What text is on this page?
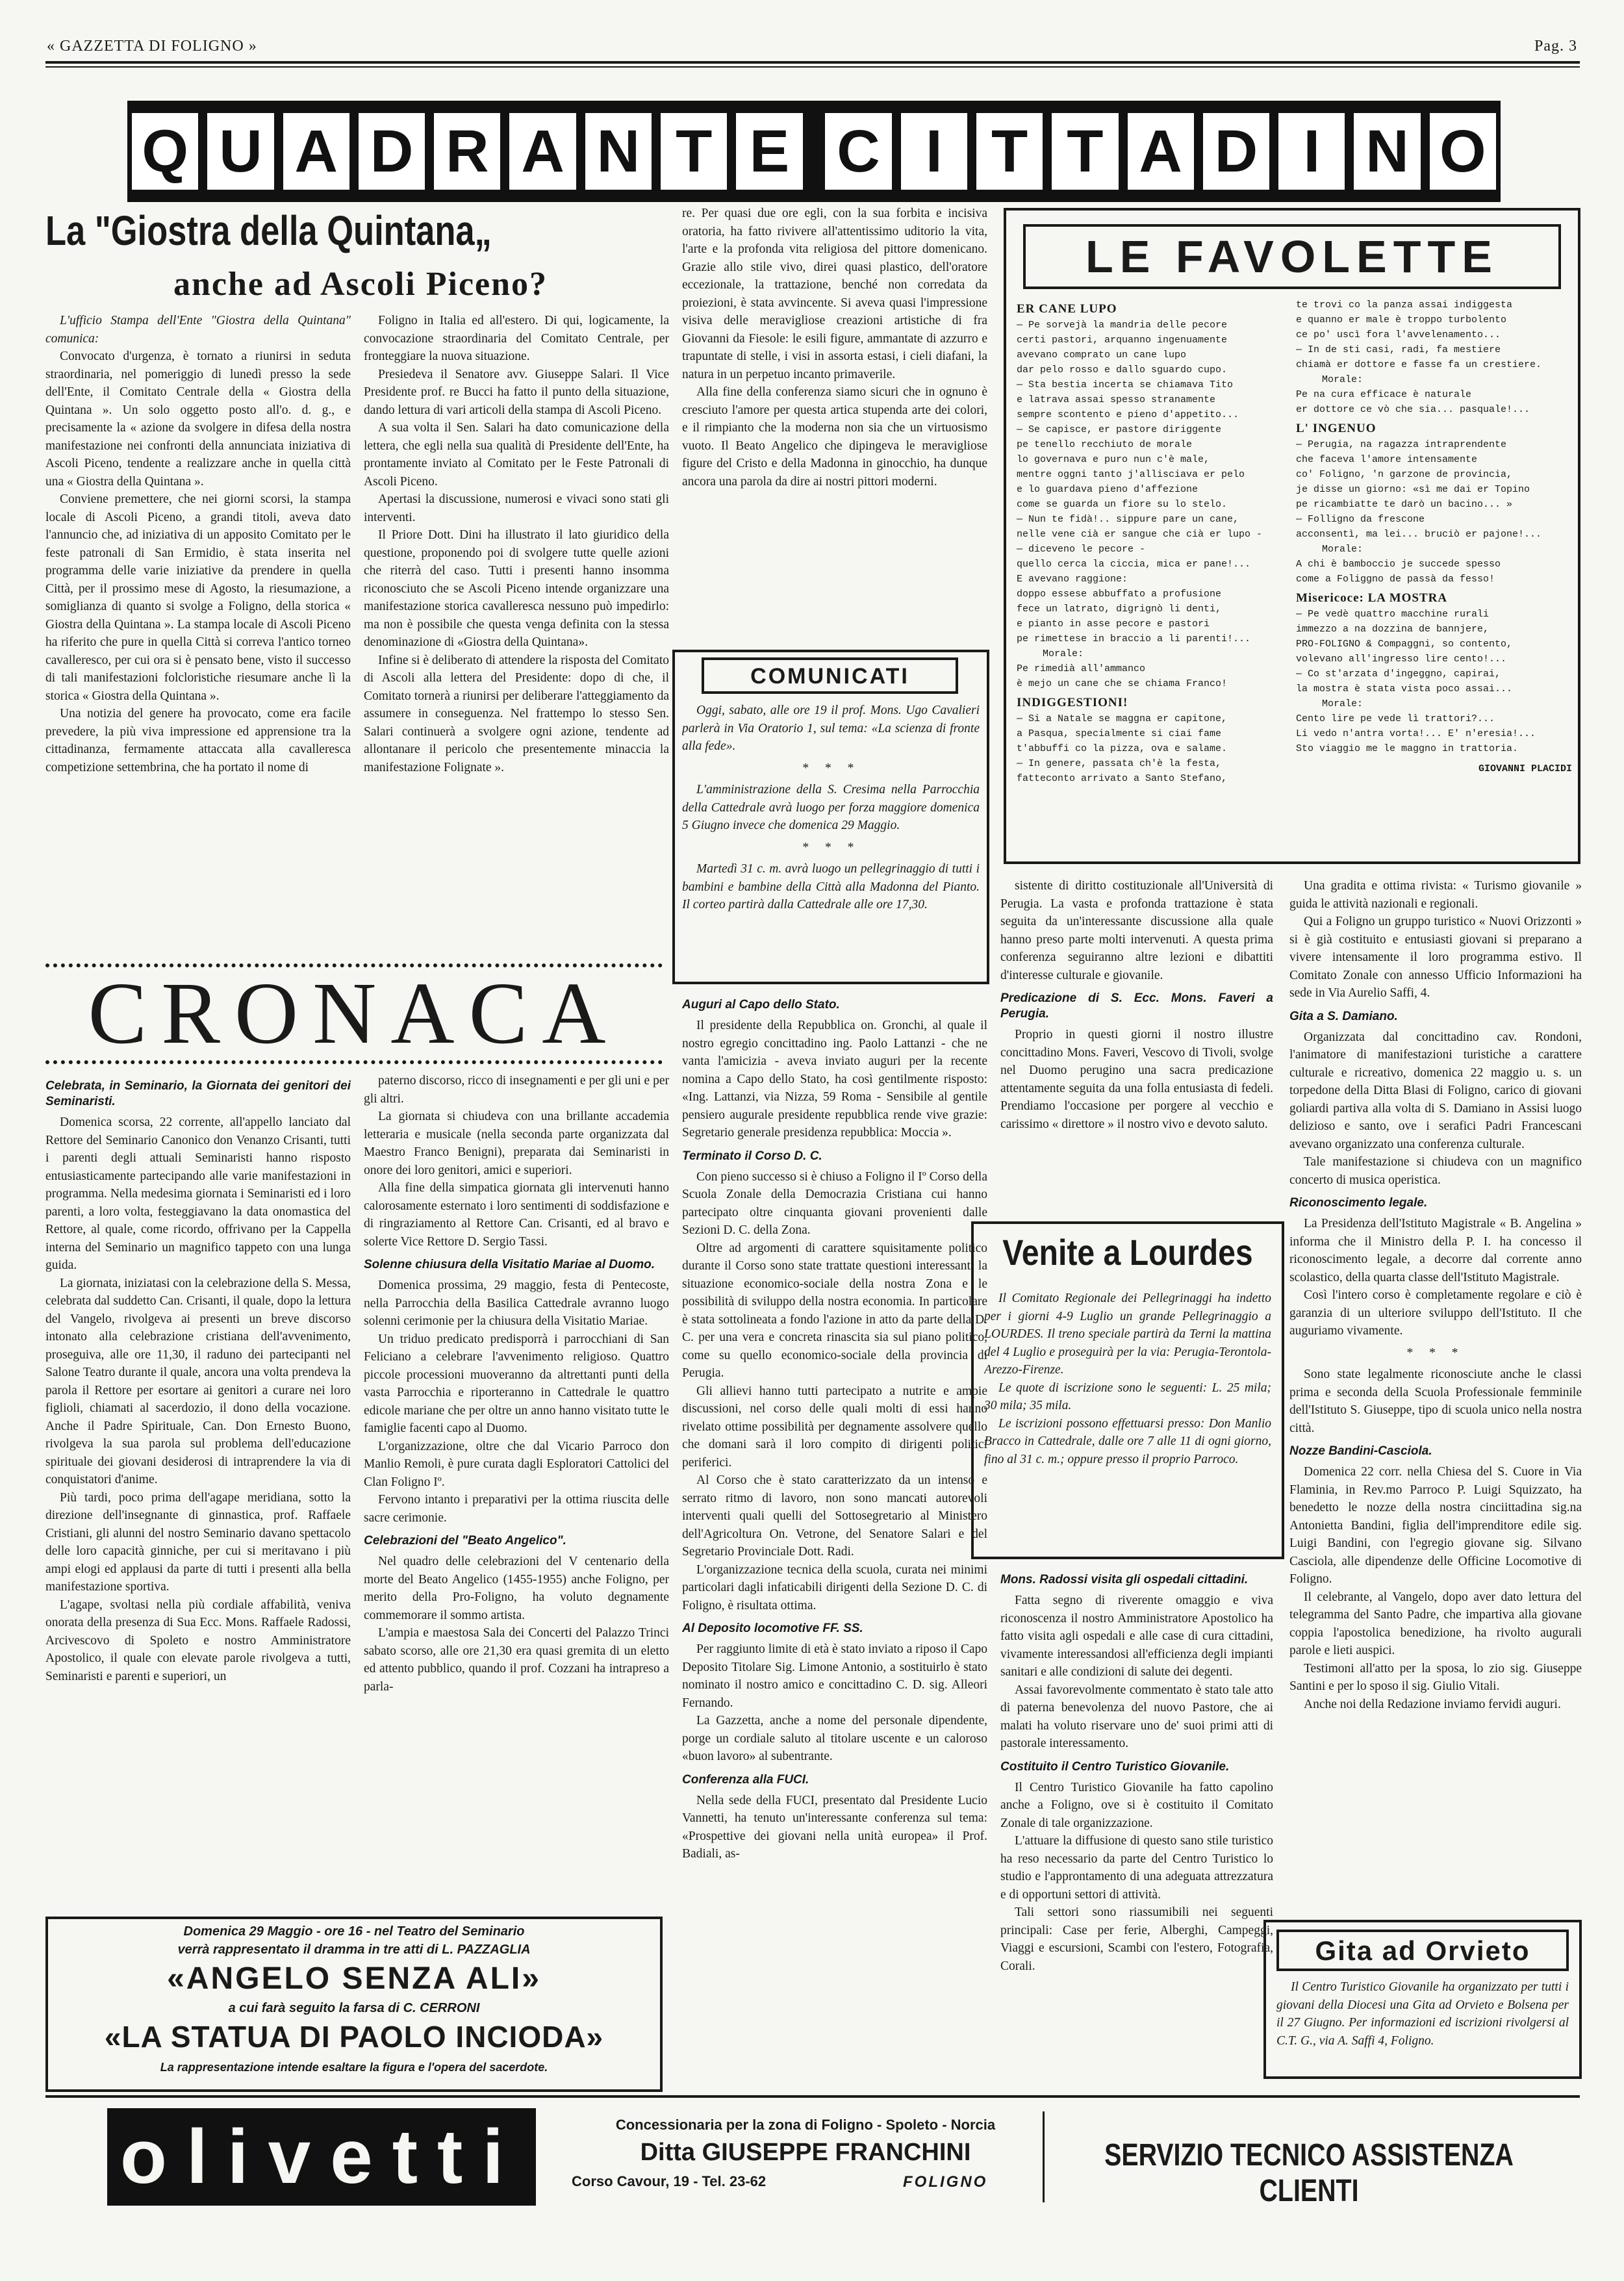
« GAZZETTA DI FOLIGNO »	Pag. 3
Q U A D R A N T E C I T T A D I N O
La "Giostra della Quintana„
anche ad Ascoli Piceno?

L'ufficio Stampa dell'Ente "Giostra della Quintana" comunica:

Convocato d'urgenza, è tornato a riunirsi in seduta straordinaria, nel pomeriggio di lunedì presso la sede dell'Ente, il Comitato Centrale della « Giostra della Quintana ». Un solo oggetto posto all'o. d. g., e precisamente la « azione da svolgere in difesa della nostra manifestazione nei confronti della annunciata iniziativa di Ascoli Piceno, tendente a realizzare anche in quella città una « Giostra della Quintana ».

Conviene premettere, che nei giorni scorsi, la stampa locale di Ascoli Piceno, a grandi titoli, aveva dato l'annuncio che, ad iniziativa di un apposito Comitato per le feste patronali di San Ermidio, è stata inserita nel programma delle varie iniziative da prendere in quella Città, per il prossimo mese di Agosto, la riesumazione, a somiglianza di quanto si svolge a Foligno, della storica « Giostra della Quintana ». La stampa locale di Ascoli Piceno ha riferito che pure in quella Città si correva l'antico torneo cavalleresco, per cui ora si è pensato bene, visto il successo di tali manifestazioni folcloristiche riesumare anche lì la storica « Giostra della Quintana ».

Una notizia del genere ha provocato, come era facile prevedere, la più viva impressione ed apprensione tra la cittadinanza, fermamente attaccata alla cavalleresca competizione settembrina, che ha portato il nome di

Foligno in Italia ed all'estero. Di qui, logicamente, la convocazione straordinaria del Comitato Centrale, per fronteggiare la nuova situazione.

Presiedeva il Senatore avv. Giuseppe Salari. Il Vice Presidente prof. re Bucci ha fatto il punto della situazione, dando lettura di vari articoli della stampa di Ascoli Piceno.

A sua volta il Sen. Salari ha dato comunicazione della lettera, che egli nella sua qualità di Presidente dell'Ente, ha prontamente inviato al Comitato per le Feste Patronali di Ascoli Piceno.

Apertasi la discussione, numerosi e vivaci sono stati gli interventi.

Il Priore Dott. Dini ha illustrato il lato giuridico della questione, proponendo poi di svolgere tutte quelle azioni che riterrà del caso. Tutti i presenti hanno insomma riconosciuto che se Ascoli Piceno intende organizzare una manifestazione storica cavalleresca nessuno può impedirlo: ma non è possibile che questa venga definita con la stessa denominazione di «Giostra della Quintana».

Infine si è deliberato di attendere la risposta del Comitato di Ascoli alla lettera del Presidente: dopo di che, il Comitato tornerà a riunirsi per deliberare l'atteggiamento da assumere in conseguenza. Nel frattempo lo stesso Sen. Salari continuerà a svolgere ogni azione, tendente ad allontanare il pericolo che presentemente minaccia la manifestazione Folignate ».

re. Per quasi due ore egli, con la sua forbita e incisiva oratoria, ha fatto rivivere all'attentissimo uditorio la vita, l'arte e la profonda vita religiosa del pittore domenicano. Grazie allo stile vivo, direi quasi plastico, dell'oratore eccezionale, la trattazione, benché non corredata da proiezioni, è stata avvincente. Si aveva quasi l'impressione visiva delle meravigliose creazioni artistiche di fra Giovanni da Fiesole: le esili figure, ammantate di azzurro e trapuntate di stelle, i visi in assorta estasi, i cieli diafani, la natura in un perpetuo incanto primaverile.

Alla fine della conferenza siamo sicuri che in ognuno è cresciuto l'amore per questa artica stupenda arte dei colori, e il rimpianto che la moderna non sia che un virtuosismo vuoto. Il Beato Angelico che dipingeva le meravigliose figure del Cristo e della Madonna in ginocchio, ha dunque ancora una parola da dire ai nostri pittori moderni.

LE FAVOLETTE
ER CANE LUPO
— Pe sorvejà la mandria delle pecore
certi pastori, arquanno ingenuamente
avevano comprato un cane lupo
dar pelo rosso e dallo sguardo cupo.
— Sta bestia incerta se chiamava Tito
e latrava assai spesso stranamente
sempre scontento e pieno d'appetito...
— Se capisce, er pastore diriggente
pe tenello recchiuto de morale
lo governava e puro nun c'è male,
mentre oggni tanto j'allisciava er pelo
e lo guardava pieno d'affezione
come se guarda un fiore su lo stelo.
— Nun te fidà!.. sippure pare un cane,
nelle vene cià er sangue che cià er lupo -
— diceveno le pecore -
quello cerca la ciccia, mica er pane!...
E avevano raggione:
doppo essese abbuffato a profusione
fece un latrato, digrignò li denti,
e pianto in asse pecore e pastori
pe rimettese in braccio a li parenti!...
Morale:
Pe rimedià all'ammanco
è mejo un cane che se chiama Franco!
INDIGGESTIONI!
— Si a Natale se maggna er capitone,
a Pasqua, specialmente si ciai fame
t'abbuffi co la pizza, ova e salame.
— In genere, passata ch'è la festa,
fatteconto arrivato a Santo Stefano,
te trovi co la panza assai indiggesta
e quanno er male è troppo turbolento
ce po' uscì fora l'avvelenamento...
— In de sti casi, radi, fa mestiere
chiamà er dottore e fasse fa un crestiere.
Morale:
Pe na cura efficace è naturale
er dottore ce vò che sia... pasquale!...
L' INGENUO
— Perugia, na ragazza intraprendente
che faceva l'amore intensamente
co' Foligno, 'n garzone de provincia,
je disse un giorno: «sì me dai er Topino
pe ricambiatte te darò un bacino... »
— Folligno da frescone
acconsentì, ma lei... bruciò er pajone!...
Morale:
A chi è bamboccio je succede spesso
come a Foliggno de passà da fesso!
Misericoce: LA MOSTRA
— Pe vedè quattro macchine rurali
immezzo a na dozzina de bannjere,
PRO-FOLIGNO & Compaggni, so contento,
volevano all'ingresso lire cento!...
— Co st'arzata d'ingeggno, capirai,
la mostra è stata vista poco assai...
Morale:
Cento lire pe vede lì trattori?...
Li vedo n'antra vorta!... E' n'eresia!...
Sto viaggio me le maggno in trattoria.
GIOVANNI PLACIDI
COMUNICATI

Oggi, sabato, alle ore 19 il prof. Mons. Ugo Cavalieri parlerà in Via Oratorio 1, sul tema: «La scienza di fronte alla fede».

* * *

L'amministrazione della S. Cresima nella Parrocchia della Cattedrale avrà luogo per forza maggiore domenica 5 Giugno invece che domenica 29 Maggio.

* * *

Martedì 31 c. m. avrà luogo un pellegrinaggio di tutti i bambini e bambine della Città alla Madonna del Pianto. Il corteo partirà dalla Cattedrale alle ore 17,30.

CRONACA

Celebrata, in Seminario, la Giornata dei genitori dei Seminaristi.

Domenica scorsa, 22 corrente, all'appello lanciato dal Rettore del Seminario Canonico don Venanzo Crisanti, tutti i parenti degli attuali Seminaristi hanno risposto entusiasticamente partecipando alle varie manifestazioni in programma. Nella medesima giornata i Seminaristi ed i loro parenti, a loro volta, festeggiavano la data onomastica del Rettore, al quale, come ricordo, offrivano per la Cappella interna del Seminario un magnifico tappeto con una lunga guida.

La giornata, iniziatasi con la celebrazione della S. Messa, celebrata dal suddetto Can. Crisanti, il quale, dopo la lettura del Vangelo, rivolgeva ai presenti un breve discorso intonato alla celebrazione cristiana dell'avvenimento, proseguiva, alle ore 11,30, il raduno dei partecipanti nel Salone Teatro durante il quale, ancora una volta prendeva la parola il Rettore per esortare ai genitori a curare nei loro figlioli, chiamati al sacerdozio, il dono della vocazione. Anche il Padre Spirituale, Can. Don Ernesto Buono, rivolgeva la sua parola sul problema dell'educazione spirituale dei giovani desiderosi di intraprendere la via di conquistatori d'anime.

Più tardi, poco prima dell'agape meridiana, sotto la direzione dell'insegnante di ginnastica, prof. Raffaele Cristiani, gli alunni del nostro Seminario davano spettacolo delle loro capacità ginniche, per cui si meritavano i più ampi elogi ed applausi da parte di tutti i presenti alla bella manifestazione sportiva.

L'agape, svoltasi nella più cordiale affabilità, veniva onorata della presenza di Sua Ecc. Mons. Raffaele Radossi, Arcivescovo di Spoleto e nostro Amministratore Apostolico, il quale con elevate parole rivolgeva a tutti, Seminaristi e parenti e superiori, un

paterno discorso, ricco di insegnamenti e per gli uni e per gli altri.

La giornata si chiudeva con una brillante accademia letteraria e musicale (nella seconda parte organizzata dal Maestro Franco Benigni), preparata dai Seminaristi in onore dei loro genitori, amici e superiori.

Alla fine della simpatica giornata gli intervenuti hanno calorosamente esternato i loro sentimenti di soddisfazione e di ringraziamento al Rettore Can. Crisanti, ed al bravo e solerte Vice Rettore D. Sergio Tassi.

Solenne chiusura della Visitatio Mariae al Duomo.

Domenica prossima, 29 maggio, festa di Pentecoste, nella Parrocchia della Basilica Cattedrale avranno luogo solenni cerimonie per la chiusura della Visitatio Mariae.

Un triduo predicato predisporrà i parrocchiani di San Feliciano a celebrare l'avvenimento religioso. Quattro piccole processioni muoveranno da altrettanti punti della vasta Parrocchia e riporteranno in Cattedrale le quattro edicole mariane che per oltre un anno hanno visitato tutte le famiglie facenti capo al Duomo.

L'organizzazione, oltre che dal Vicario Parroco don Manlio Remoli, è pure curata dagli Esploratori Cattolici del Clan Foligno Iº.

Fervono intanto i preparativi per la ottima riuscita delle sacre cerimonie.

Celebrazioni del "Beato Angelico".

Nel quadro delle celebrazioni del V centenario della morte del Beato Angelico (1455-1955) anche Foligno, per merito della Pro-Foligno, ha voluto degnamente commemorare il sommo artista.

L'ampia e maestosa Sala dei Concerti del Palazzo Trinci sabato scorso, alle ore 21,30 era quasi gremita di un eletto ed attento pubblico, quando il prof. Cozzani ha intrapreso a parla-

Auguri al Capo dello Stato.

Il presidente della Repubblica on. Gronchi, al quale il nostro egregio concittadino ing. Paolo Lattanzi - che ne vanta l'amicizia - aveva inviato auguri per la recente nomina a Capo dello Stato, ha così gentilmente risposto: «Ing. Lattanzi, via Nizza, 59 Roma - Sensibile al gentile pensiero augurale presidente repubblica rende vive grazie: Segretario generale presidenza repubblica: Moccia ».

Terminato il Corso D. C.

Con pieno successo si è chiuso a Foligno il Iº Corso della Scuola Zonale della Democrazia Cristiana cui hanno partecipato oltre cinquanta giovani provenienti dalle Sezioni D. C. della Zona.

Oltre ad argomenti di carattere squisitamente politico durante il Corso sono state trattate questioni interessanti la situazione economico-sociale della nostra Zona e le possibilità di sviluppo della nostra economia. In particolare è stata sottolineata a fondo l'azione in atto da parte della D. C. per una vera e concreta rinascita sia sul piano politico, come su quello economico-sociale della provincia di Perugia.

Gli allievi hanno tutti partecipato a nutrite e ampie discussioni, nel corso delle quali molti di essi hanno rivelato ottime possibilità per degnamente assolvere quello che domani sarà il loro compito di dirigenti politici periferici.

Al Corso che è stato caratterizzato da un intenso e serrato ritmo di lavoro, non sono mancati autorevoli interventi quali quelli del Sottosegretario al Ministero dell'Agricoltura On. Vetrone, del Senatore Salari e del Segretario Provinciale Dott. Radi.

L'organizzazione tecnica della scuola, curata nei minimi particolari dagli infaticabili dirigenti della Sezione D. C. di Foligno, è risultata ottima.

Al Deposito locomotive FF. SS.

Per raggiunto limite di età è stato inviato a riposo il Capo Deposito Titolare Sig. Limone Antonio, a sostituirlo è stato nominato il nostro amico e concittadino C. D. sig. Alleori Fernando.

La Gazzetta, anche a nome del personale dipendente, porge un cordiale saluto al titolare uscente e un caloroso «buon lavoro» al subentrante.

Conferenza alla FUCI.

Nella sede della FUCI, presentato dal Presidente Lucio Vannetti, ha tenuto un'interessante conferenza sul tema: «Prospettive dei giovani nella unità europea» il Prof. Badiali, as-

sistente di diritto costituzionale all'Università di Perugia. La vasta e profonda trattazione è stata seguita da un'interessante discussione alla quale hanno preso parte molti intervenuti. A questa prima conferenza seguiranno altre lezioni e dibattiti d'interesse culturale e giovanile.

Predicazione di S. Ecc. Mons. Faveri a Perugia.

Proprio in questi giorni il nostro illustre concittadino Mons. Faveri, Vescovo di Tivoli, svolge nel Duomo perugino una sacra predicazione attentamente seguita da una folla entusiasta di fedeli. Prendiamo l'occasione per porgere al vecchio e carissimo « direttore » il nostro vivo e devoto saluto.

Venite a Lourdes

Il Comitato Regionale dei Pellegrinaggi ha indetto per i giorni 4-9 Luglio un grande Pellegrinaggio a LOURDES. Il treno speciale partirà da Terni la mattina del 4 Luglio e proseguirà per la via: Perugia-Terontola-Arezzo-Firenze.

Le quote di iscrizione sono le seguenti: L. 25 mila; 30 mila; 35 mila.

Le iscrizioni possono effettuarsi presso: Don Manlio Bracco in Cattedrale, dalle ore 7 alle 11 di ogni giorno, fino al 31 c. m.; oppure presso il proprio Parroco.

Mons. Radossi visita gli ospedali cittadini.

Fatta segno di riverente omaggio e viva riconoscenza il nostro Amministratore Apostolico ha fatto visita agli ospedali e alle case di cura cittadini, vivamente interessandosi all'efficienza degli impianti sanitari e alle condizioni di salute dei degenti.

Assai favorevolmente commentato è stato tale atto di paterna benevolenza del nuovo Pastore, che ai malati ha voluto riservare uno de' suoi primi atti di pastorale interessamento.

Costituito il Centro Turistico Giovanile.

Il Centro Turistico Giovanile ha fatto capolino anche a Foligno, ove si è costituito il Comitato Zonale di tale organizzazione.

L'attuare la diffusione di questo sano stile turistico ha reso necessario da parte del Centro Turistico lo studio e l'approntamento di una adeguata attrezzatura e di opportuni settori di attività.

Tali settori sono riassumibili nei seguenti principali: Case per ferie, Alberghi, Campeggi, Viaggi e escursioni, Scambi con l'estero, Fotografia, Corali.

Una gradita e ottima rivista: « Turismo giovanile » guida le attività nazionali e regionali.

Qui a Foligno un gruppo turistico « Nuovi Orizzonti » si è già costituito e entusiasti giovani si preparano a vivere intensamente il loro programma estivo. Il Comitato Zonale con annesso Ufficio Informazioni ha sede in Via Aurelio Saffi, 4.

Gita a S. Damiano.

Organizzata dal concittadino cav. Rondoni, l'animatore di manifestazioni turistiche a carattere culturale e ricreativo, domenica 22 maggio u. s. un torpedone della Ditta Blasi di Foligno, carico di giovani goliardi partiva alla volta di S. Damiano in Assisi luogo delizioso e santo, ove i serafici Padri Francescani avevano organizzato una conferenza culturale.

Tale manifestazione si chiudeva con un magnifico concerto di musica operistica.

Riconoscimento legale.

La Presidenza dell'Istituto Magistrale « B. Angelina » informa che il Ministro della P. I. ha concesso il riconoscimento legale, a decorre dal corrente anno scolastico, della quarta classe dell'Istituto Magistrale.

Così l'intero corso è completamente regolare e ciò è garanzia di un ulteriore sviluppo dell'Istituto. Il che auguriamo vivamente.

* * *

Sono state legalmente riconosciute anche le classi prima e seconda della Scuola Professionale femminile dell'Istituto S. Giuseppe, tipo di scuola unico nella nostra città.

Nozze Bandini-Casciola.

Domenica 22 corr. nella Chiesa del S. Cuore in Via Flaminia, in Rev.mo Parroco P. Luigi Squizzato, ha benedetto le nozze della nostra cinciittadina sig.na Antonietta Bandini, figlia dell'imprenditore edile sig. Luigi Bandini, con l'egregio giovane sig. Silvano Casciola, alle dipendenze delle Officine Locomotive di Foligno.

Il celebrante, al Vangelo, dopo aver dato lettura del telegramma del Santo Padre, che impartiva alla giovane coppia l'apostolica benedizione, ha rivolto augurali parole e lieti auspici.

Testimoni all'atto per la sposa, lo zio sig. Giuseppe Santini e per lo sposo il sig. Giulio Vitali.

Anche noi della Redazione inviamo fervidi auguri.

Gita ad Orvieto

Il Centro Turistico Giovanile ha organizzato per tutti i giovani della Diocesi una Gita ad Orvieto e Bolsena per il 27 Giugno. Per informazioni ed iscrizioni rivolgersi al C.T. G., via A. Saffi 4, Foligno.

Domenica 29 Maggio - ore 16 - nel Teatro del Seminario
verrà rappresentato il dramma in tre atti di L. PAZZAGLIA
«ANGELO SENZA ALI»
a cui farà seguito la farsa di C. CERRONI
«LA STATUA DI PAOLO INCIODA»
La rappresentazione intende esaltare la figura e l'opera del sacerdote.
olivetti	Concessionaria per la zona di Foligno - Spoleto - Norcia
Ditta GIUSEPPE FRANCHINI
Corso Cavour, 19 - Tel. 23-62	FOLIGNO
SERVIZIO TECNICO ASSISTENZA CLIENTI
